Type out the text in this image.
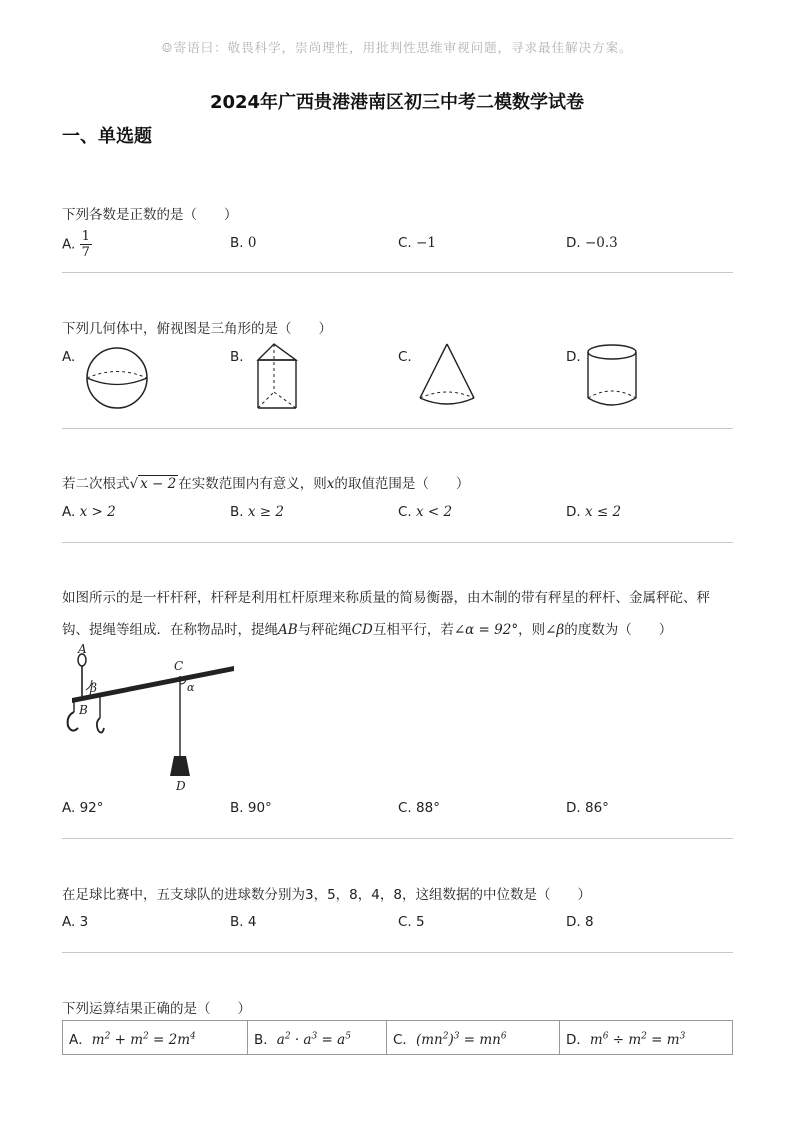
☺寄语曰：敬畏科学，崇尚理性，用批判性思维审视问题，寻求最佳解决方案。
2024年广西贵港港南区初三中考二模数学试卷
一、单选题
下列各数是正数的是（　　）
A. $\frac{1}{7}$	B. 0	C. −1	D. −0.3
下列几何体中，俯视图是三角形的是（　　）
A.	B.	C.	D.
若二次根式√ x − 2 在实数范围内有意义，则x的取值范围是（　　）
A. x > 2	B. x ≥ 2	C. x < 2	D. x ≤ 2
如图所示的是一杆杆秤，杆秤是利用杠杆原理来称质量的简易衡器，由木制的带有秤星的秤杆、金属秤砣、秤
钩、提绳等组成．在称物品时，提绳AB与秤砣绳CD互相平行，若∠α = 92°，则∠β的度数为（　　）
A
β
B
C
α
D
A. 92°	B. 90°	C. 88°	D. 86°
在足球比赛中，五支球队的进球数分别为3，5，8，4，8，这组数据的中位数是（　　）
A. 3	B. 4	C. 5	D. 8
下列运算结果正确的是（　　）
A．$m^2 + m^2 = 2m^4$	B．$a^2 \cdot a^3 = a^5$	C．$(mn^2)^3 = mn^6$	D．$m^6 \div m^2 = m^3$
